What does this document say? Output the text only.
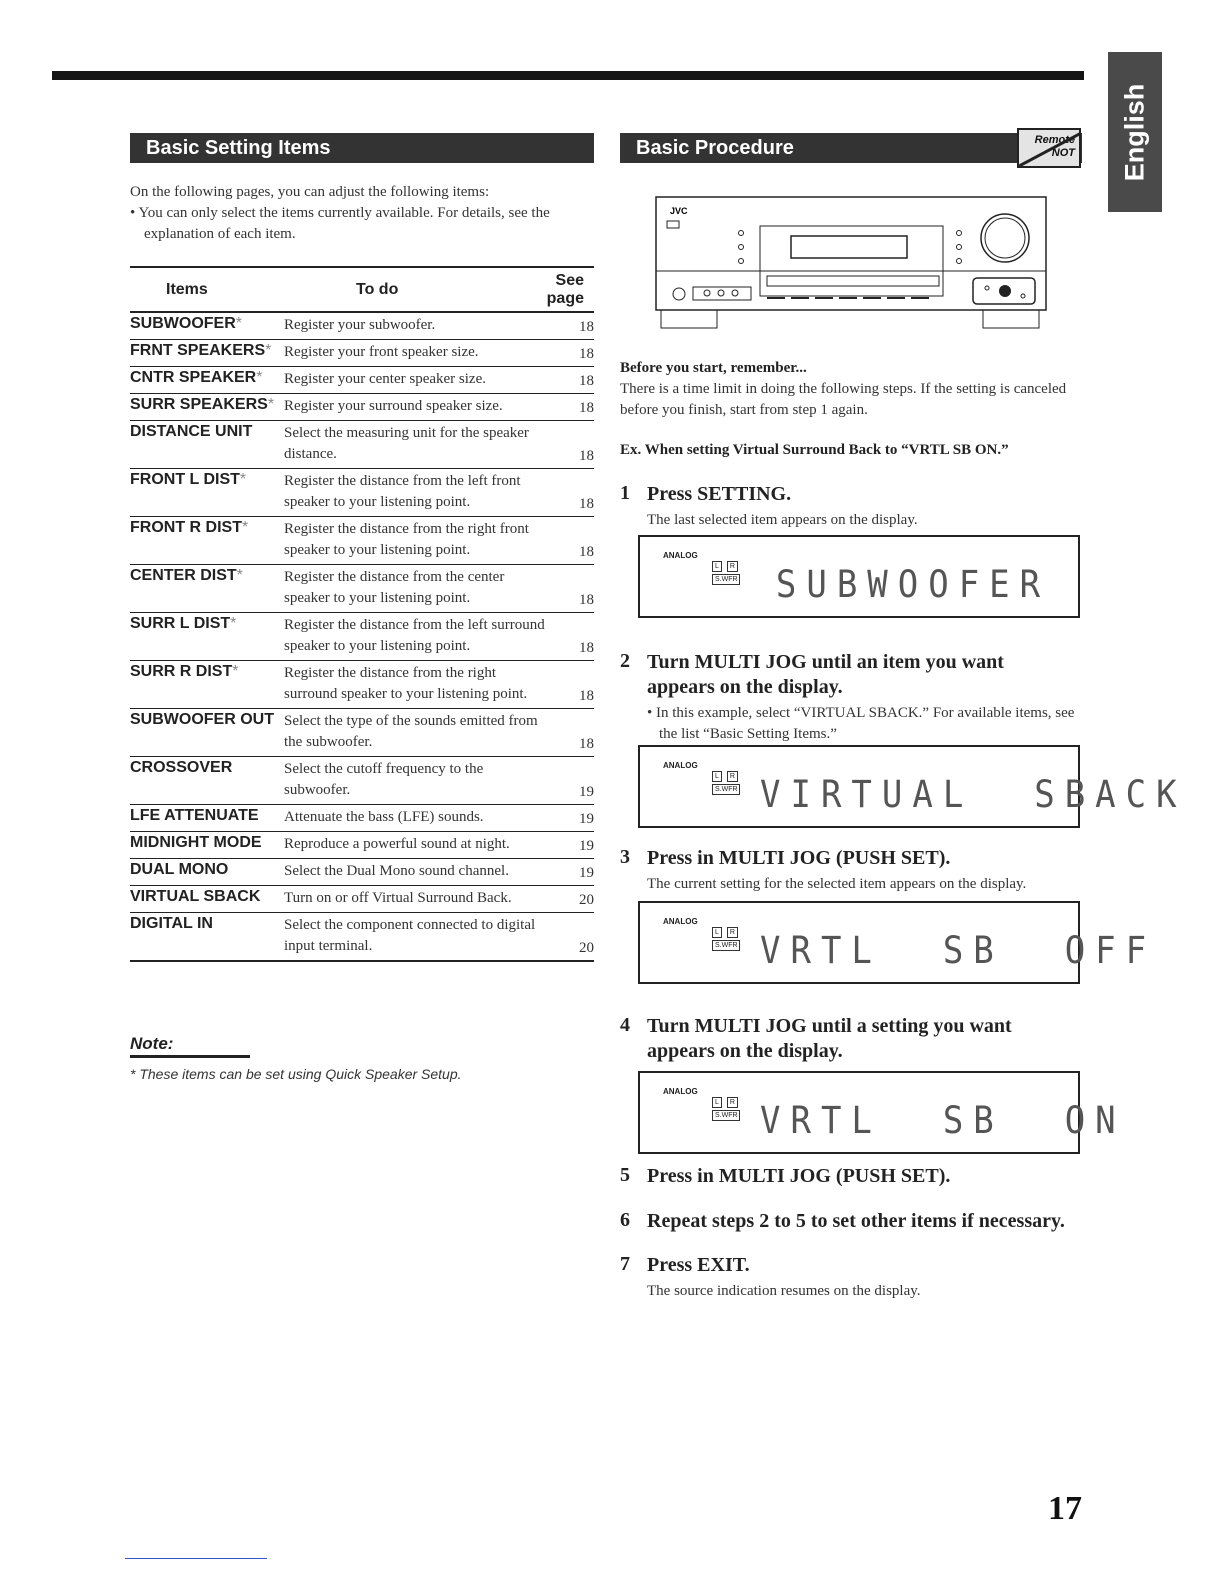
English
Basic Setting Items

On the following pages, you can adjust the following items:

• You can only select the items currently available. For details, see the explanation of each item.

Items	To do	See page
SUBWOOFER*	Register your subwoofer.	18
FRNT SPEAKERS*	Register your front speaker size.	18
CNTR SPEAKER*	Register your center speaker size.	18
SURR SPEAKERS*	Register your surround speaker size.	18
DISTANCE UNIT	Select the measuring unit for the speaker distance.	18
FRONT L DIST*	Register the distance from the left front speaker to your listening point.	18
FRONT R DIST*	Register the distance from the right front speaker to your listening point.	18
CENTER DIST*	Register the distance from the center speaker to your listening point.	18
SURR L DIST*	Register the distance from the left surround speaker to your listening point.	18
SURR R DIST*	Register the distance from the right surround speaker to your listening point.	18
SUBWOOFER OUT	Select the type of the sounds emitted from the subwoofer.	18
CROSSOVER	Select the cutoff frequency to the subwoofer.	19
LFE ATTENUATE	Attenuate the bass (LFE) sounds.	19
MIDNIGHT MODE	Reproduce a powerful sound at night.	19
DUAL MONO	Select the Dual Mono sound channel.	19
VIRTUAL SBACK	Turn on or off Virtual Surround Back.	20
DIGITAL IN	Select the component connected to digital input terminal.	20
Note:
* These items can be set using Quick Speaker Setup.
Basic Procedure	Remote NOT
JVC
Before you start, remember...
There is a time limit in doing the following steps. If the setting is canceled before you finish, start from step 1 again.
Ex. When setting Virtual Surround Back to “VRTL SB ON.”
1 Press SETTING.
The last selected item appears on the display.
ANALOG
L R
S.WFR	SUBWOOFER
2 Turn MULTI JOG until an item you want appears on the display.
• In this example, select “VIRTUAL SBACK.” For available items, see the list “Basic Setting Items.”
ANALOG
L R
S.WFR VIRTUAL  SBACK
3 Press in MULTI JOG (PUSH SET).
The current setting for the selected item appears on the display.
ANALOG
L R
S.WFR VRTL  SB  OFF
4 Turn MULTI JOG until a setting you want appears on the display.
ANALOG
L R
S.WFR VRTL  SB  ON
5 Press in MULTI JOG (PUSH SET).
6 Repeat steps 2 to 5 to set other items if necessary.
7 Press EXIT.
The source indication resumes on the display.
17
